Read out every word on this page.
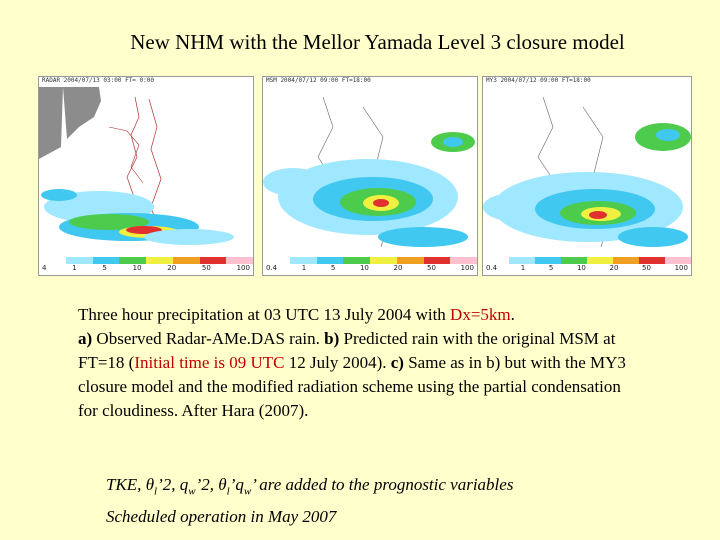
New NHM with the Mellor Yamada Level 3 closure model
RADAR 2004/07/13 03:00 FT= 0:00
4	1	5	10	20	50	100
MSM 2004/07/12 09:00 FT=18:00
0.4	1	5	10	20	50	100
MY3 2004/07/12 09:00 FT=18:00
0.4	1	5	10	20	50	100
Three hour precipitation at 03 UTC 13 July 2004 with Dx=5km.
a) Observed Radar-AMe.DAS rain. b) Predicted rain with the original MSM at FT=18 (Initial time is 09 UTC 12 July 2004). c) Same as in b) but with the MY3 closure model and the modified radiation scheme using the partial condensation for cloudiness. After Hara (2007).
TKE, $\theta_l’2$, $q_w’2$, $\theta_l’q_w$’ are added to the prognostic variables
Scheduled operation in May 2007
